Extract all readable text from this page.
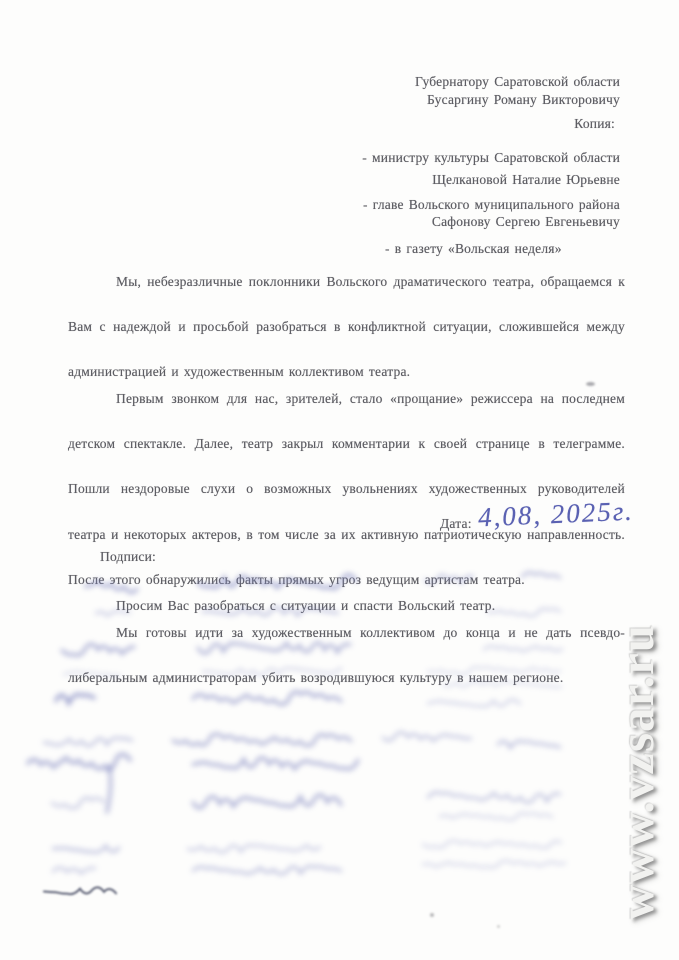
Губернатору Саратовской области
Бусаргину Роману Викторовичу
Копия:
- министру культуры Саратовской области
Щелкановой Наталие Юрьевне
- главе Вольского муниципального района
Сафонову Сергею Евгеньевичу
- в газету «Вольская неделя»
Мы, небезразличные поклонники Вольского драматического театра, обращаемся к
Вам с надеждой и просьбой разобраться в конфликтной ситуации, сложившейся между
администрацией и художественным коллективом театра.
Первым звонком для нас, зрителей, стало «прощание» режиссера на последнем
детском спектакле. Далее, театр закрыл комментарии к своей странице в телеграмме.
Пошли нездоровые слухи о возможных увольнениях художественных руководителей
театра и некоторых актеров, в том числе за их активную патриотическую направленность.
После этого обнаружились факты прямых угроз ведущим артистам театра.
Просим Вас разобраться с ситуации и спасти Вольский театр.
Мы готовы идти за художественным коллективом до конца и не дать псевдо-
либеральным администраторам убить возродившуюся культуру в нашем регионе.
Дата: 4,08, 2025г.
Подписи:
www.vzsar.ru
